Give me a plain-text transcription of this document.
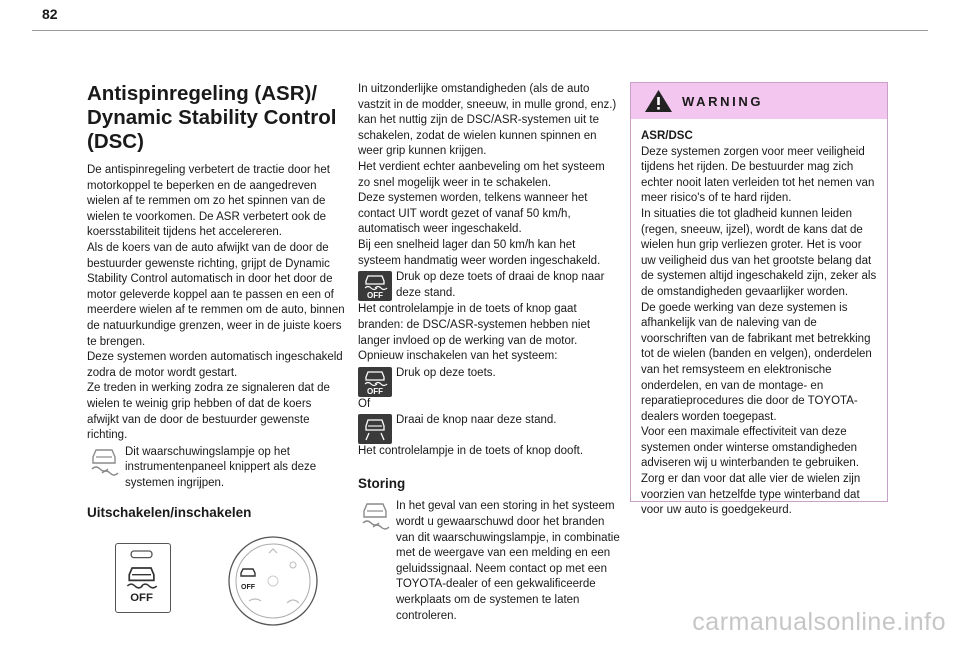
82
Antispinregeling (ASR)/
Dynamic Stability Control
(DSC)
De antispinregeling verbetert de tractie door het motorkoppel te beperken en de aangedreven wielen af te remmen om zo het spinnen van de wielen te voorkomen. De ASR verbetert ook de koersstabiliteit tijdens het accelereren.
Als de koers van de auto afwijkt van de door de bestuurder gewenste richting, grijpt de Dynamic Stability Control automatisch in door het door de motor geleverde koppel aan te passen en een of meerdere wielen af te remmen om de auto, binnen de natuurkundige grenzen, weer in de juiste koers te brengen.
Deze systemen worden automatisch ingeschakeld zodra de motor wordt gestart.
Ze treden in werking zodra ze signaleren dat de wielen te weinig grip hebben of dat de koers afwijkt van de door de bestuurder gewenste richting.
Dit waarschuwingslampje op het instrumentenpaneel knippert als deze systemen ingrijpen.
Uitschakelen/inschakelen
OFF
OFF
In uitzonderlijke omstandigheden (als de auto vastzit in de modder, sneeuw, in mulle grond, enz.) kan het nuttig zijn de DSC/ASR-systemen uit te schakelen, zodat de wielen kunnen spinnen en weer grip kunnen krijgen.
Het verdient echter aanbeveling om het systeem zo snel mogelijk weer in te schakelen.
Deze systemen worden, telkens wanneer het contact UIT wordt gezet of vanaf 50 km/h, automatisch weer ingeschakeld.
Bij een snelheid lager dan 50 km/h kan het systeem handmatig weer worden ingeschakeld.
OFF
Druk op deze toets of draai de knop naar deze stand.
Het controlelampje in de toets of knop gaat branden: de DSC/ASR-systemen hebben niet langer invloed op de werking van de motor.
Opnieuw inschakelen van het systeem:
OFF
Druk op deze toets.
Of
Draai de knop naar deze stand.
Het controlelampje in de toets of knop dooft.
Storing
In het geval van een storing in het systeem wordt u gewaarschuwd door het branden van dit waarschuwingslampje, in combinatie met de weergave van een melding en een geluidssignaal. Neem contact op met een TOYOTA-dealer of een gekwalificeerde werkplaats om de systemen te laten controleren.
WARNING
ASR/DSC
Deze systemen zorgen voor meer veiligheid tijdens het rijden. De bestuurder mag zich echter nooit laten verleiden tot het nemen van meer risico's of te hard rijden.
In situaties die tot gladheid kunnen leiden (regen, sneeuw, ijzel), wordt de kans dat de wielen hun grip verliezen groter. Het is voor uw veiligheid dus van het grootste belang dat de systemen altijd ingeschakeld zijn, zeker als de omstandigheden gevaarlijker worden.
De goede werking van deze systemen is afhankelijk van de naleving van de voorschriften van de fabrikant met betrekking tot de wielen (banden en velgen), onderdelen van het remsysteem en elektronische onderdelen, en van de montage- en reparatieprocedures die door de TOYOTA-dealers worden toegepast.
Voor een maximale effectiviteit van deze systemen onder winterse omstandigheden adviseren wij u winterbanden te gebruiken. Zorg er dan voor dat alle vier de wielen zijn voorzien van hetzelfde type winterband dat voor uw auto is goedgekeurd.
carmanualsonline.info
